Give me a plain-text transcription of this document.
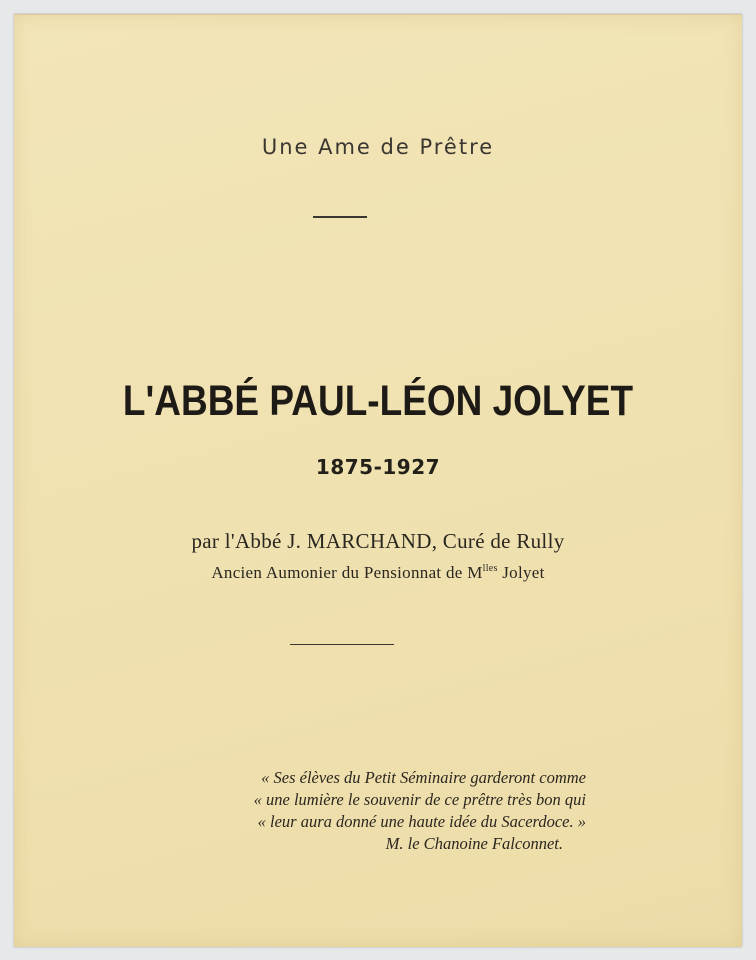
Une Ame de Prêtre
L'ABBÉ PAUL-LÉON JOLYET
1875-1927
par l'Abbé J. MARCHAND, Curé de Rully
Ancien Aumonier du Pensionnat de $M^{lles}$ Jolyet
« Ses élèves du Petit Séminaire garderont comme
« une lumière le souvenir de ce prêtre très bon qui
« leur aura donné une haute idée du Sacerdoce. »
M. le Chanoine Falconnet.
